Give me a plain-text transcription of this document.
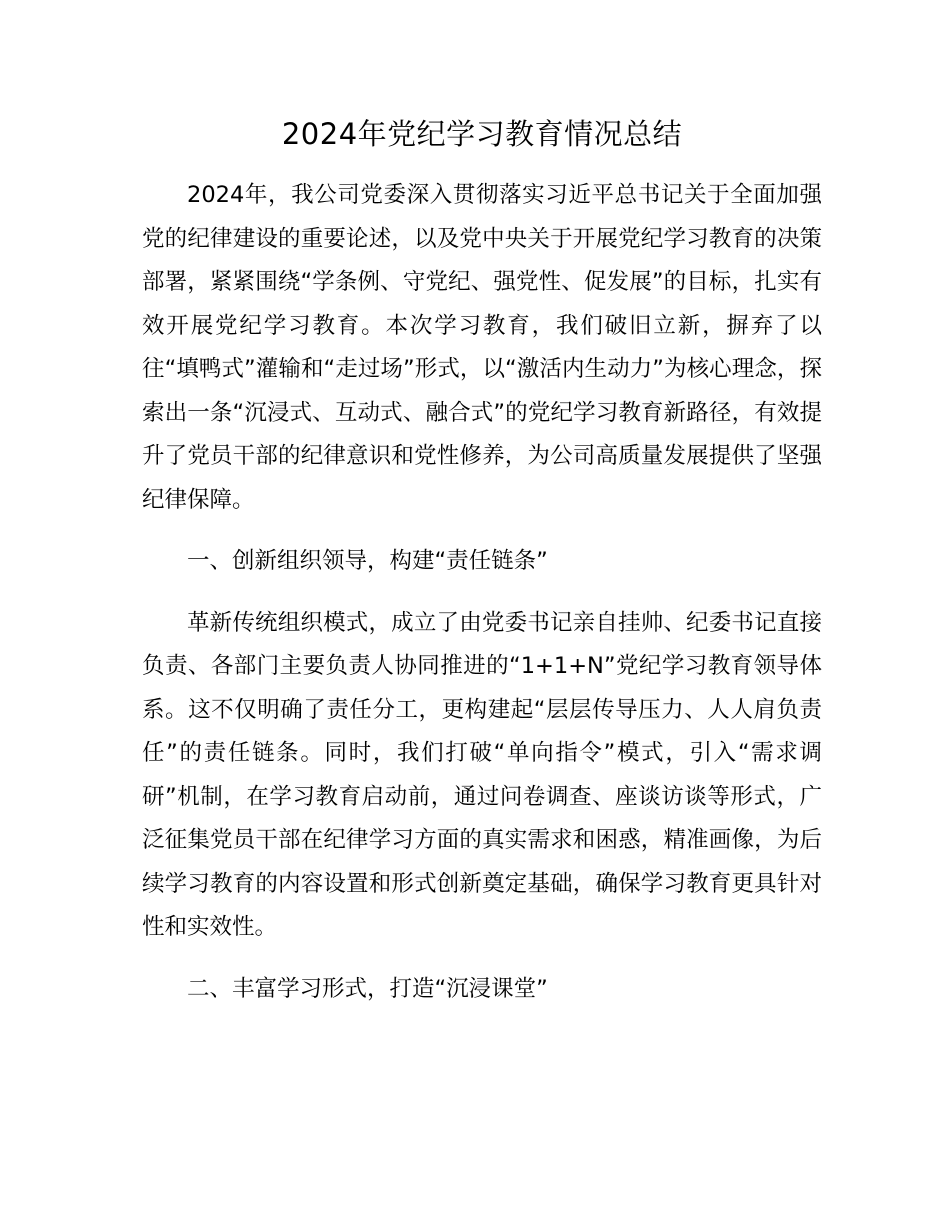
2024年党纪学习教育情况总结

2024年，我公司党委深入贯彻落实习近平总书记关于全面加强党的纪律建设的重要论述，以及党中央关于开展党纪学习教育的决策部署，紧紧围绕“学条例、守党纪、强党性、促发展”的目标，扎实有效开展党纪学习教育。本次学习教育，我们破旧立新，摒弃了以往“填鸭式”灌输和“走过场”形式，以“激活内生动力”为核心理念，探索出一条“沉浸式、互动式、融合式”的党纪学习教育新路径，有效提升了党员干部的纪律意识和党性修养，为公司高质量发展提供了坚强纪律保障。

一、创新组织领导，构建“责任链条”

革新传统组织模式，成立了由党委书记亲自挂帅、纪委书记直接负责、各部门主要负责人协同推进的“1+1+N”党纪学习教育领导体系。这不仅明确了责任分工，更构建起“层层传导压力、人人肩负责任”的责任链条。同时，我们打破“单向指令”模式，引入“需求调研”机制，在学习教育启动前，通过问卷调查、座谈访谈等形式，广泛征集党员干部在纪律学习方面的真实需求和困惑，精准画像，为后续学习教育的内容设置和形式创新奠定基础，确保学习教育更具针对性和实效性。

二、丰富学习形式，打造“沉浸课堂”
